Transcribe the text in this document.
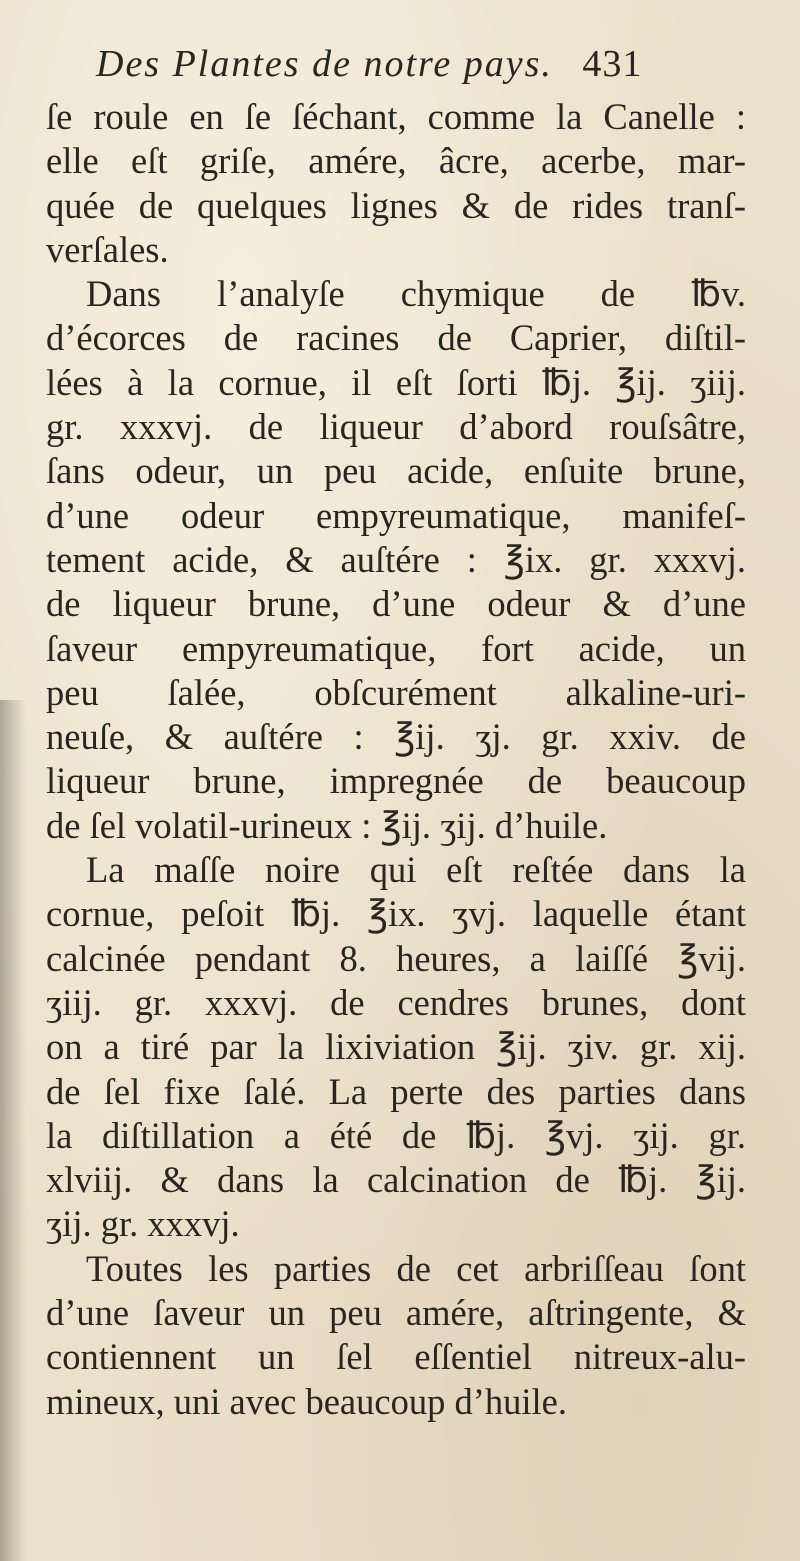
Des Plantes de notre pays. 431
ſe roule en ſe ſéchant, comme la Canelle :
elle eſt griſe, amére, âcre, acerbe, mar-
quée de quelques lignes & de rides tranſ-
verſales.
Dans l’analyſe chymique de ℔v.
d’écorces de racines de Caprier, diſtil-
lées à la cornue, il eſt ſorti ℔j. ℥ij. ʒiij.
gr. xxxvj. de liqueur d’abord rouſsâtre,
ſans odeur, un peu acide, enſuite brune,
d’une odeur empyreumatique, manifeſ-
tement acide, & auſtére : ℥ix. gr. xxxvj.
de liqueur brune, d’une odeur & d’une
ſaveur empyreumatique, fort acide, un
peu ſalée, obſcurément alkaline-uri-
neuſe, & auſtére : ℥ij. ʒj. gr. xxiv. de
liqueur brune, impregnée de beaucoup
de ſel volatil-urineux : ℥ij. ʒij. d’huile.
La maſſe noire qui eſt reſtée dans la
cornue, peſoit ℔j. ℥ix. ʒvj. laquelle étant
calcinée pendant 8. heures, a laiſſé ℥vij.
ʒiij. gr. xxxvj. de cendres brunes, dont
on a tiré par la lixiviation ℥ij. ʒiv. gr. xij.
de ſel fixe ſalé. La perte des parties dans
la diſtillation a été de ℔j. ℥vj. ʒij. gr.
xlviij. & dans la calcination de ℔j. ℥ij.
ʒij. gr. xxxvj.
Toutes les parties de cet arbriſſeau ſont
d’une ſaveur un peu amére, aſtringente, &
contiennent un ſel eſſentiel nitreux-alu-
mineux, uni avec beaucoup d’huile.
